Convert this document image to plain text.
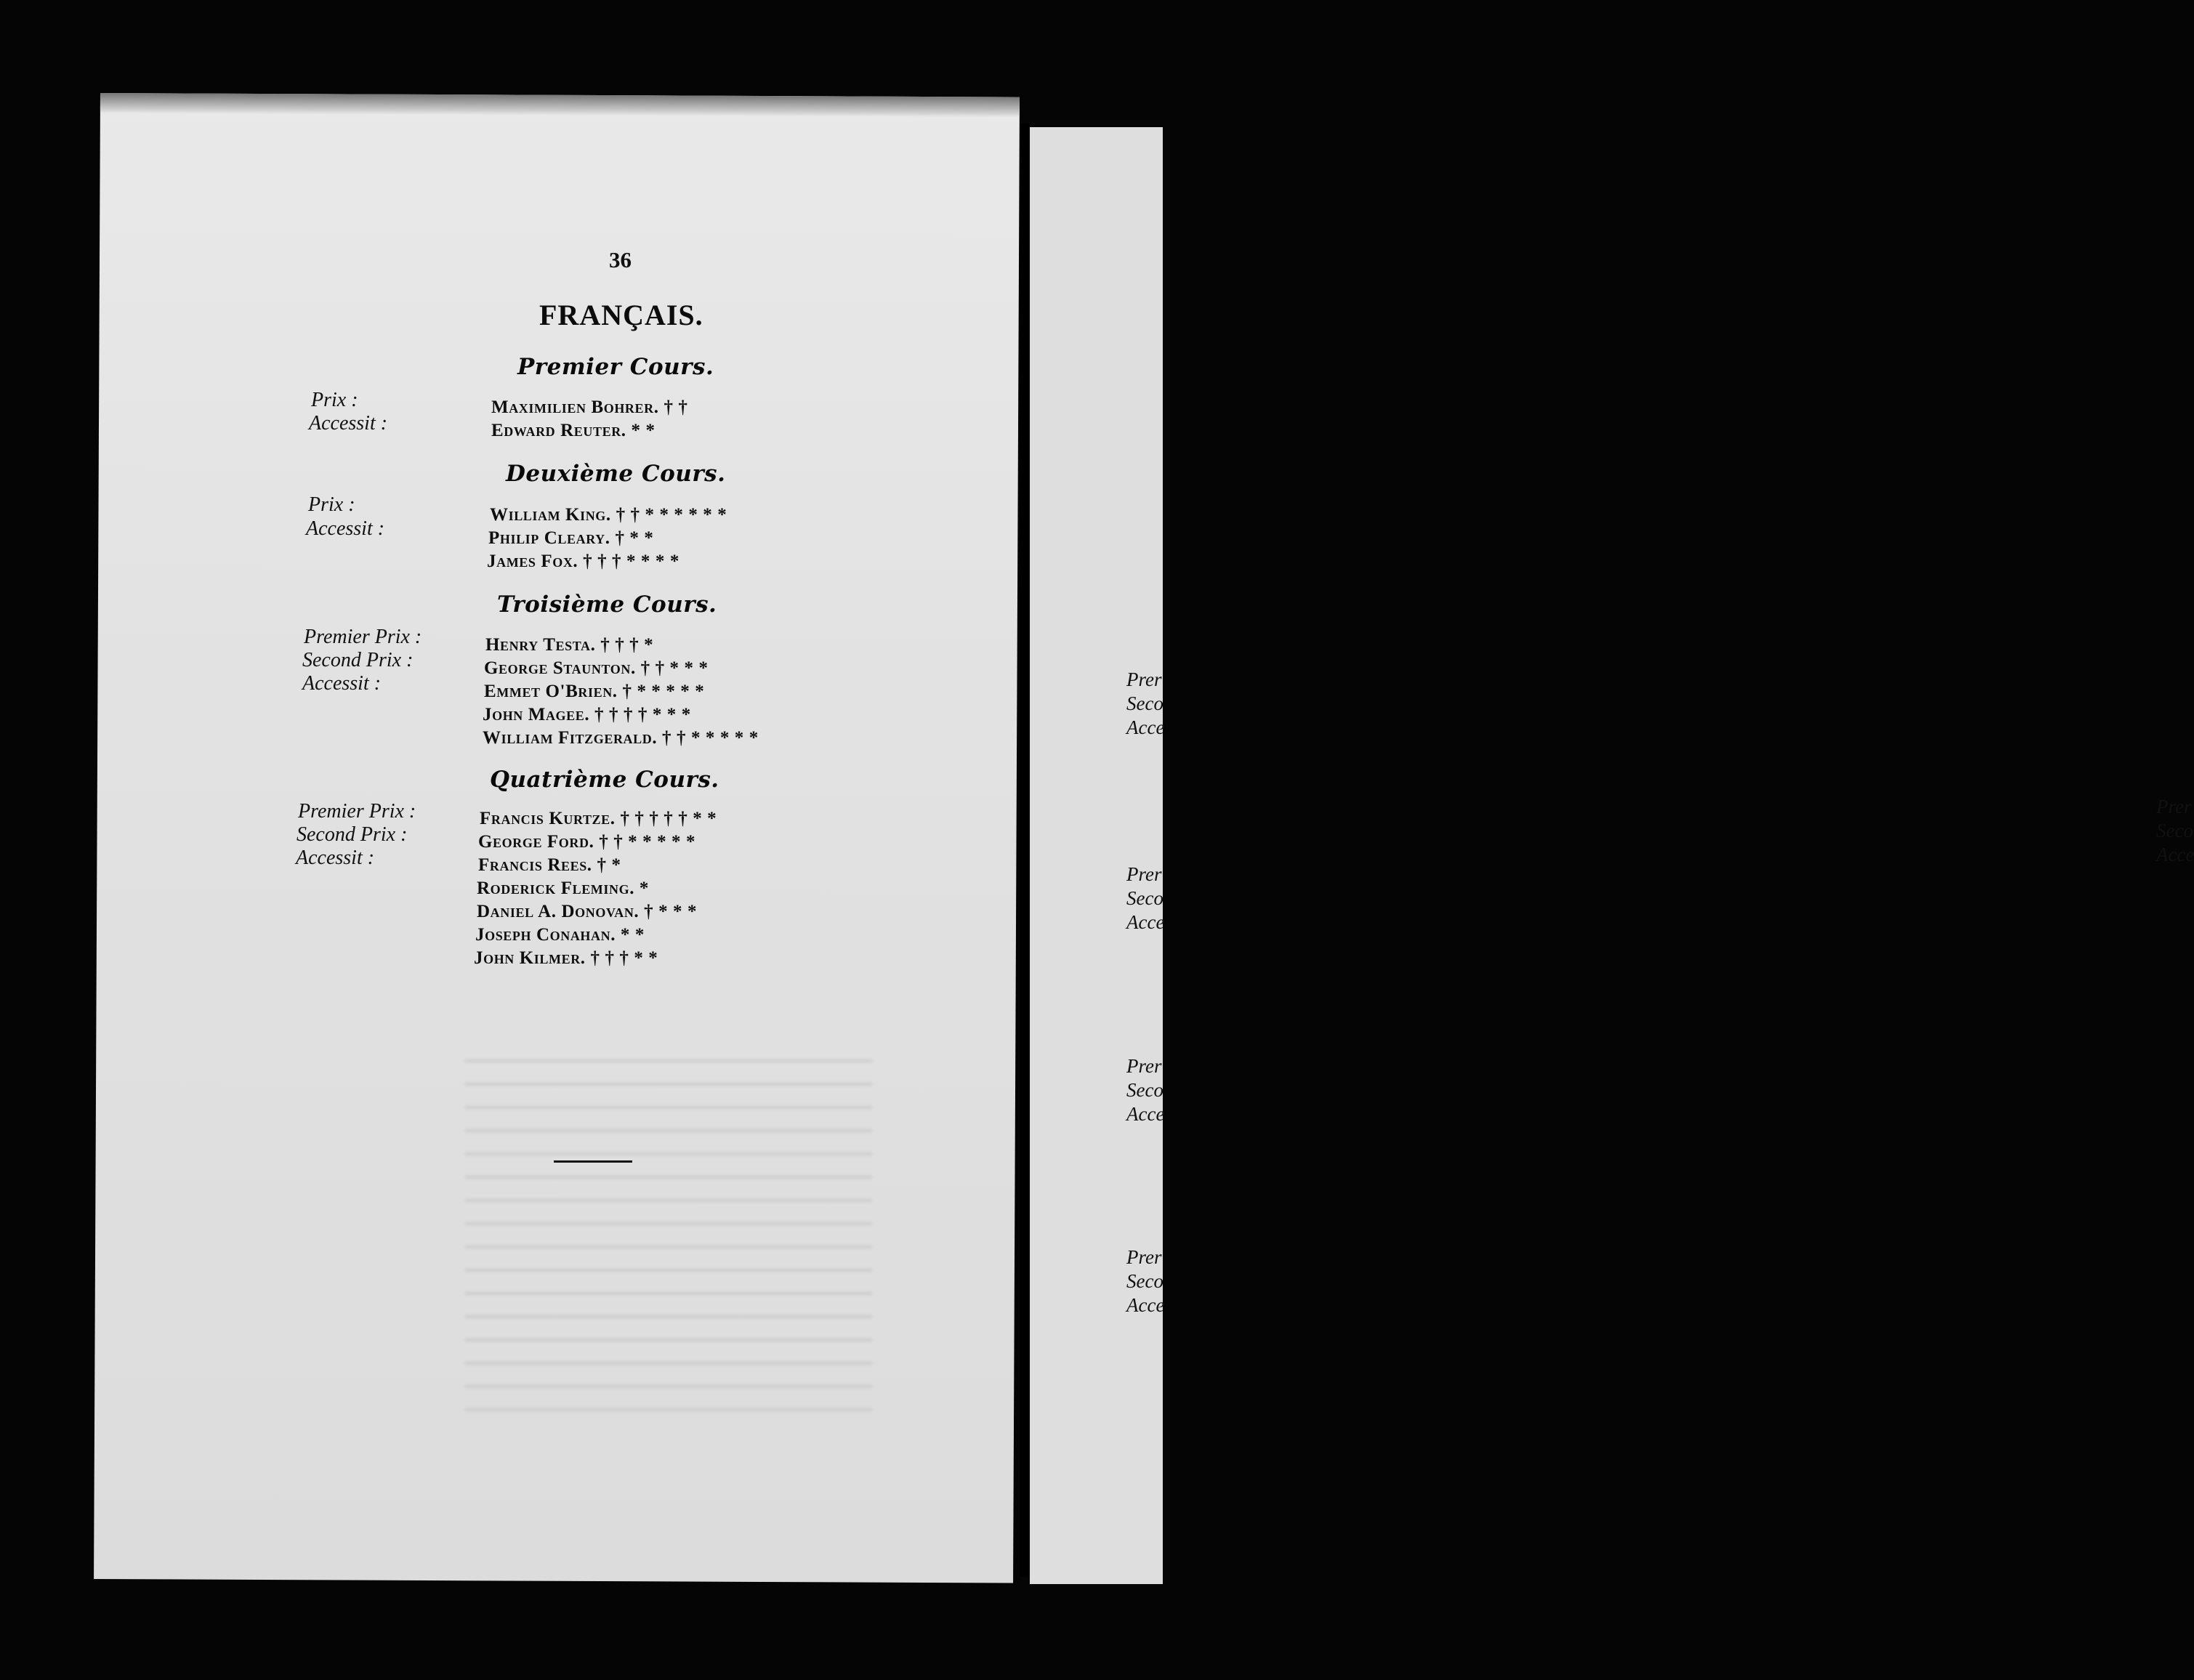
Prer
Seco
Acce
Prer
Seco
Acce
Prer
Seco
Acce
Prer
Seco
Acce
Prer
Seco
Acce
36
FRANÇAIS.
Premier Cours.
Prix :
Accessit :
Maximilien Bohrer. † †
Edward Reuter. * *
Deuxième Cours.
Prix :
Accessit :
William King. † † * * * * * *
Philip Cleary. † * *
James Fox. † † † * * * *
Troisième Cours.
Premier Prix :
Second Prix :
Accessit :
Henry Testa. † † † *
George Staunton. † † * * *
Emmet O'Brien. † * * * * *
John Magee. † † † † * * *
William Fitzgerald. † † * * * * *
Quatrième Cours.
Premier Prix :
Second Prix :
Accessit :
Francis Kurtze. † † † † † * *
George Ford. † † * * * * *
Francis Rees. † *
Roderick Fleming. *
Daniel A. Donovan. † * * *
Joseph Conahan. * *
John Kilmer. † † † * *
